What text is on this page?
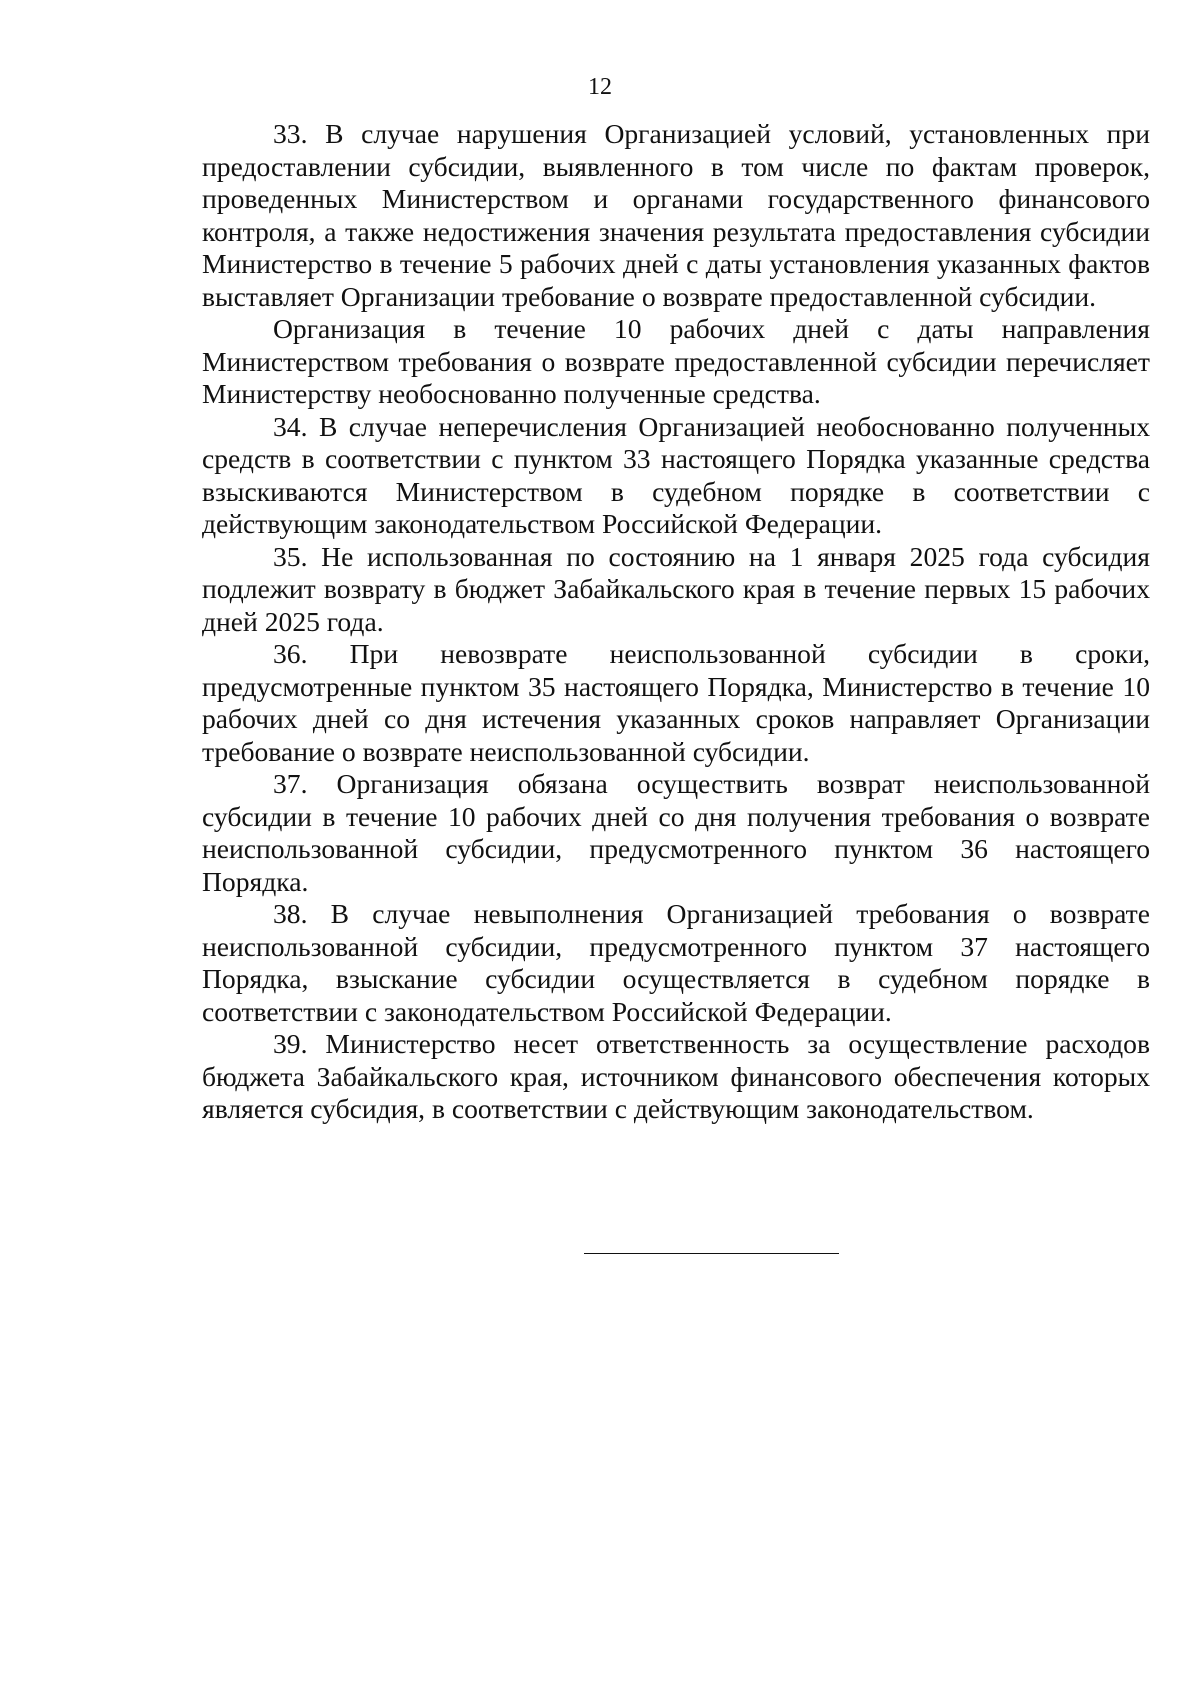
12

33. В случае нарушения Организацией условий, установленных при предоставлении субсидии, выявленного в том числе по фактам проверок, проведенных Министерством и органами государственного финансового контроля, а также недостижения значения результата предоставления субсидии Министерство в течение 5 рабочих дней с даты установления указанных фактов выставляет Организации требование о возврате предоставленной субсидии.

Организация в течение 10 рабочих дней с даты направления Министерством требования о возврате предоставленной субсидии перечисляет Министерству необоснованно полученные средства.

34. В случае неперечисления Организацией необоснованно полученных средств в соответствии с пунктом 33 настоящего Порядка указанные средства взыскиваются Министерством в судебном порядке в соответствии с действующим законодательством Российской Федерации.

35. Не использованная по состоянию на 1 января 2025 года субсидия подлежит возврату в бюджет Забайкальского края в течение первых 15 рабочих дней 2025 года.

36. При невозврате неиспользованной субсидии в сроки, предусмотренные пунктом 35 настоящего Порядка, Министерство в течение 10 рабочих дней со дня истечения указанных сроков направляет Организации требование о возврате неиспользованной субсидии.

37. Организация обязана осуществить возврат неиспользованной субсидии в течение 10 рабочих дней со дня получения требования о возврате неиспользованной субсидии, предусмотренного пунктом 36 настоящего Порядка.

38. В случае невыполнения Организацией требования о возврате неиспользованной субсидии, предусмотренного пунктом 37 настоящего Порядка, взыскание субсидии осуществляется в судебном порядке в соответствии с законодательством Российской Федерации.

39. Министерство несет ответственность за осуществление расходов бюджета Забайкальского края, источником финансового обеспечения которых является субсидия, в соответствии с действующим законодательством.
